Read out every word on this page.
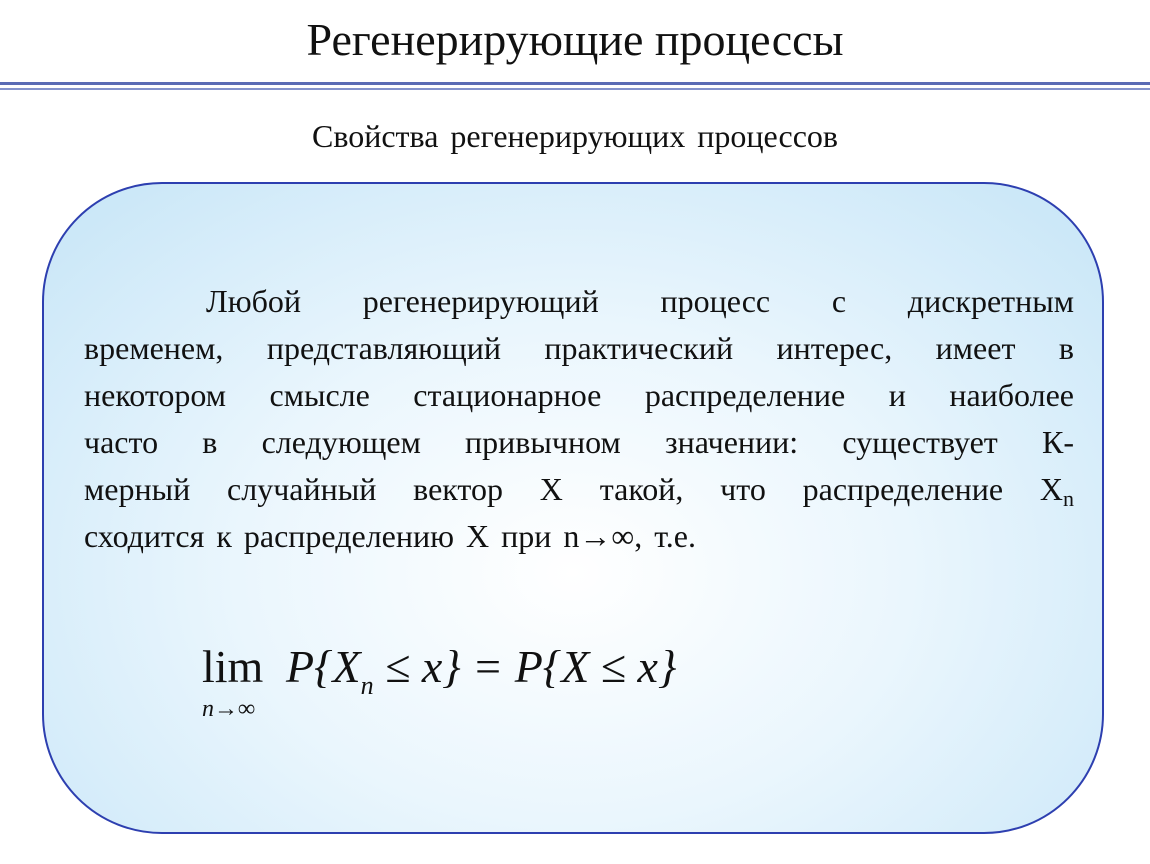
Регенерирующие процессы
Свойства регенерирующих процессов
Любой регенерирующий процесс с дискретным
временем, представляющий практический интерес, имеет в
некотором смысле стационарное распределение и наиболее
часто в следующем привычном значении: существует К-
мерный случайный вектор Х такой, что распределение $Х_n$
сходится к распределению Х при n→∞, т.е.
lim
n→∞
$P\{X_n \le x\} = P\{X \le x\}$
